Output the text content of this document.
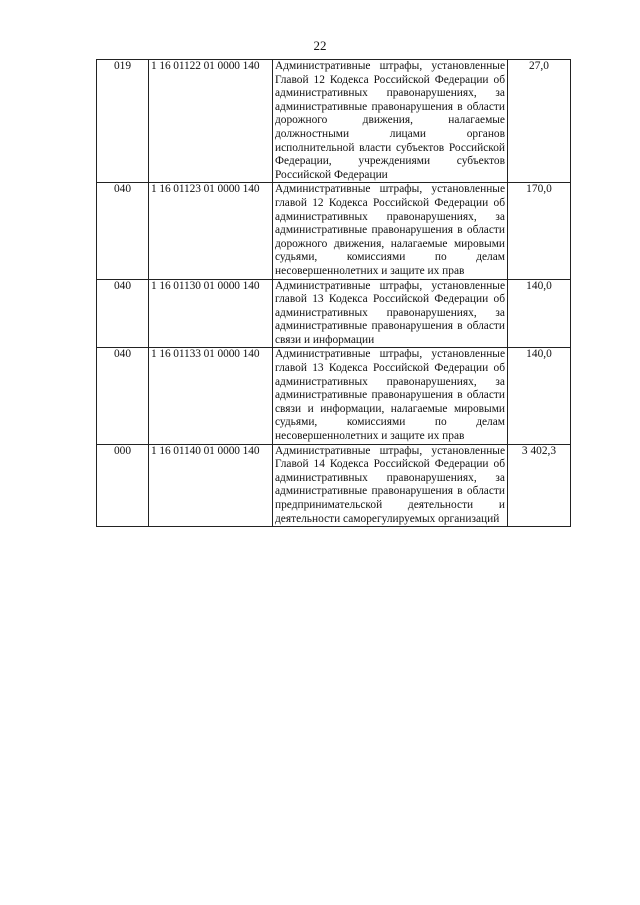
22
019	1 16 01122 01 0000 140	Административные штрафы, установленные Главой 12 Кодекса Российской Федерации об административных правонарушениях, за административные правонарушения в области дорожного движения, налагаемые должностными лицами органов исполнительной власти субъектов Российской Федерации, учреждениями субъектов Российской Федерации	27,0
040	1 16 01123 01 0000 140	Административные штрафы, установленные главой 12 Кодекса Российской Федерации об административных правонарушениях, за административные правонарушения в области дорожного движения, налагаемые мировыми судьями, комиссиями по делам несовершеннолетних и защите их прав	170,0
040	1 16 01130 01 0000 140	Административные штрафы, установленные главой 13 Кодекса Российской Федерации об административных правонарушениях, за административные правонарушения в области связи и информации	140,0
040	1 16 01133 01 0000 140	Административные штрафы, установленные главой 13 Кодекса Российской Федерации об административных правонарушениях, за административные правонарушения в области связи и информации, налагаемые мировыми судьями, комиссиями по делам несовершеннолетних и защите их прав	140,0
000	1 16 01140 01 0000 140	Административные штрафы, установленные Главой 14 Кодекса Российской Федерации об административных правонарушениях, за административные правонарушения в области предпринимательской деятельности и деятельности саморегулируемых организаций	3 402,3
